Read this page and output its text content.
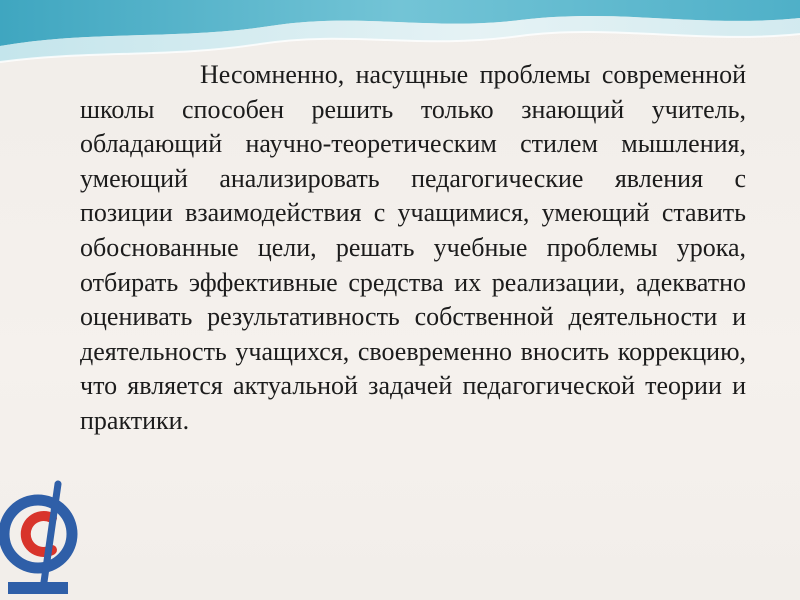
Несомненно, насущные проблемы современной школы способен решить только знающий учитель, обладающий научно-теоретическим стилем мышления, умеющий анализировать педагогические явления с позиции взаимодействия с учащимися, умеющий ставить обоснованные цели, решать учебные проблемы урока, отбирать эффективные средства их реализации, адекватно оценивать результативность собственной деятельности и деятельность учащихся, своевременно вносить коррекцию, что является актуальной задачей педагогической теории и практики.
